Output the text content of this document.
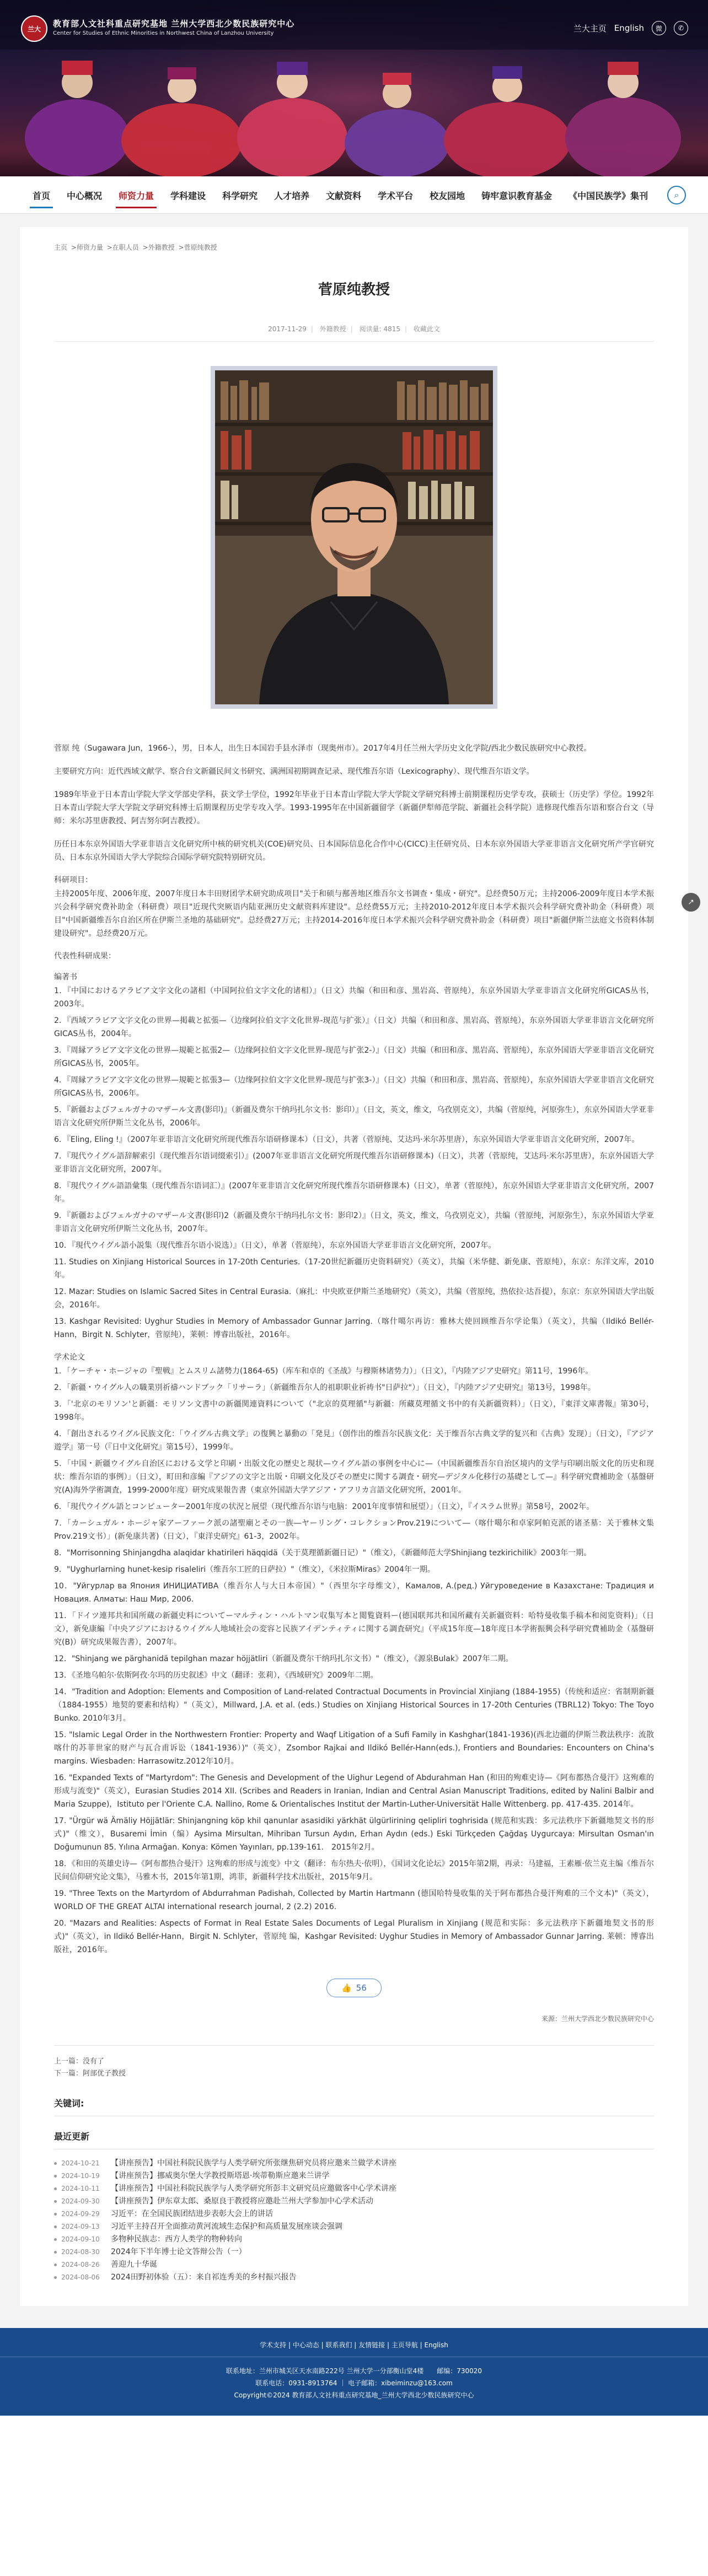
兰大
教育部人文社科重点研究基地 兰州大学西北少数民族研究中心
Center for Studies of Ethnic Minorities in Northwest China of Lanzhou University	兰大主页 English	微	✆
首页	中心概况	师资力量	学科建设	科学研究	人才培养	文献资料	学术平台	校友园地	铸牢意识教育基金	《中国民族学》集刊	⌕
主页 >师资力量 >在职人员 >外籍教授 >菅原纯教授
菅原纯教授
2017-11-29 | 外籍教授 | 阅读量: 4815 | 收藏此文

菅原 纯（Sugawara Jun，1966-），男，日本人，出生日本国岩手县水泽市（现奥州市）。2017年4月任兰州大学历史文化学院/西北少数民族研究中心教授。

主要研究方向：近代西域文献学、察合台文新疆民间文书研究、满洲国初期调查记录、现代维吾尔语（Lexicography）、现代维吾尔语文学。

1989年毕业于日本青山学院大学文学部史学科，获文学士学位，1992年毕业于日本青山学院大学大学院文学研究科博士前期课程历史学专攻，获硕士（历史学）学位。1992年日本青山学院大学大学院文学研究科博士后期课程历史学专攻入学。1993-1995年在中国新疆留学（新疆伊犁师范学院、新疆社会科学院）进修现代维吾尔语和察合台文（导师：米尔苏里唐教授、阿吉努尔阿吉教授）。

历任日本东京外国语大学亚非语言文化研究所中核的研究机关(COE)研究员、日本国际信息化合作中心(CICC)主任研究员、日本东京外国语大学亚非语言文化研究所产学官研究员、日本东京外国语大学大学院综合国际学研究院特别研究员。

科研项目：

主持2005年度、2006年度、2007年度日本丰田财团学术研究助成项目"关于和硕与鄯善地区维吾尔文书调查・集成・研究"。总经费50万元；主持2006-2009年度日本学术振兴会科学研究费补助金（科研费）项目"近现代突厥语内陆亚洲历史文献资料库建设"。总经费55万元；主持2010-2012年度日本学术振兴会科学研究费补助金（科研费）项目"中国新疆维吾尔自治区所在伊斯兰圣地的基础研究"。总经费27万元；主持2014-2016年度日本学术振兴会科学研究费补助金（科研费）项目"新疆伊斯兰法庭文书资料体制建设研究"。总经费20万元。

代表性科研成果：
编著书

1．『中国におけるアラビア文字文化の諸相（中国阿拉伯文字文化的诸相）』（日文）共编（和田和彦、黑岩高、菅原纯），东京外国语大学亚非语言文化研究所GICAS丛书，2003年。

2．『西域アラビア文字文化の世界—掲載と拡張—（边缘阿拉伯文字文化世界-现范与扩张）』（日文）共编（和田和彦、黑岩高、菅原纯），东京外国语大学亚非语言文化研究所GICAS丛书，2004年。

3．『周縁アラビア文字文化の世界—規範と拡張2—（边缘阿拉伯文字文化世界-现范与扩张2-）』（日文）共编（和田和彦、黑岩高、菅原纯），东京外国语大学亚非语言文化研究所GICAS丛书，2005年。

4．『周縁アラビア文字文化の世界—規範と拡張3—（边缘阿拉伯文字文化世界-现范与扩张3-）』（日文）共编（和田和彦、黑岩高、菅原纯），东京外国语大学亚非语言文化研究所GICAS丛书，2006年。

5．『新疆およびフェルガナのマザール文書(影印)』（新疆及费尔干纳玛扎尔文书：影印）』（日文，英文，维文，乌孜别克文），共编（菅原纯，河原弥生），东京外国语大学亚非语言文化研究所伊斯兰文化丛书，2006年。

6．『Eling, Eling !』（2007年亚非语言文化研究所现代维吾尔语研修课本）（日文），共著（菅原纯、艾达玛·米尔苏里唐），东京外国语大学亚非语言文化研究所，2007年。

7．『現代ウイグル語辞解索引（现代维吾尔语词缀索引）』(2007年亚非语言文化研究所现代维吾尔语研修课本)（日文），共著（菅原纯，艾达玛·米尔苏里唐），东京外国语大学亚非语言文化研究所，2007年。

8．『現代ウイグル語語彙集（现代维吾尔语词汇）』(2007年亚非语言文化研究所现代维吾尔语研修课本)（日文），单著（菅原纯），东京外国语大学亚非语言文化研究所，2007年。

9．『新疆およびフェルガナのマザール文書(影印)2（新疆及费尔干纳玛扎尔文书：影印2）』（日文，英文，维文，乌孜别克文），共编（菅原纯，河原弥生），东京外国语大学亚非语言文化研究所伊斯兰文化丛书，2007年。

10．『現代ウイグル語小説集（现代维吾尔语小说选）』（日文），单著（菅原纯），东京外国语大学亚非语言文化研究所，2007年。

11. Studies on Xinjiang Historical Sources in 17-20th Centuries.（17-20世纪新疆历史资料研究）（英文），共编（米华健、新免康、菅原纯），东京：东洋文库，2010年。

12. Mazar: Studies on Islamic Sacred Sites in Central Eurasia.（麻扎：中央欧亚伊斯兰圣地研究）（英文），共编（菅原纯，热依拉·达吾提），东京：东京外国语大学出版会，2016年。

13. Kashgar Revisited: Uyghur Studies in Memory of Ambassador Gunnar Jarring.（喀什噶尔再访：雅林大使回顾维吾尔学论集）（英文），共编（Ildikó Bellér-Hann，Birgit N. Schlyter，菅原纯），莱顿：博睿出版社，2016年。

学术论文

1．「ケーチャ・ホージャの『聖戦』とムスリム諸勢力(1864-65)（库车和卓的《圣战》与穆斯林诸势力）」（日文），『内陸アジア史研究』第11号，1996年。

2．「新疆・ウイグル人の職業別祈禱ハンドブック「リサーラ」（新疆维吾尔人的祖职职业祈祷书"日萨拉"）」（日文），『内陸アジア史研究』第13号，1998年。

3．「'北京のモリソン'と新疆：モリソン文書中の新疆関連資料について（"北京的莫理循"与新疆：所藏莫理循文书中的有关新疆资料）」（日文），『東洋文庫書報』第30号，1998年。

4．「創出されるウイグル民族文化：「ウイグル古典文学」の復興と暴動の「発見」（创作出的维吾尔民族文化：关于维吾尔古典文学的复兴和《古典》发现）」（日文），『アジア遊学』第一号（『日中文化研究』第15号），1999年。

5．「中国・新疆ウイグル自治区における文学と印刷・出版文化の歴史と現状—ウイグル語の事例を中心に—（中国新疆维吾尔自治区境内的文学与印刷出版文化的历史和现状：维吾尔语的事例）」（日文），町田和彦編『アジアの文字と出版・印刷文化及びその歴史に関する調査・研究—デジタル化移行の基礎として—』科学研究費補助金（基盤研究(A)海外学術調査，1999-2000年度）研究成果報告書（東京外国語大学アジア・アフリカ言語文化研究所，2001年。

6．「現代ウイグル語とコンピューター2001年度の状況と展望（现代维吾尔语与电脑：2001年度事情和展望）」（日文），『イスラム世界』第58号，2002年。

7．「カーシュガル・ホージャ家アーファーク派の諸聖廟とその一族―ヤーリング・コレクションProv.219について―（喀什噶尔和卓家阿帕克派的诸圣墓：关于雅林文集Prov.219文书）」(新免康共著)（日文），『東洋史研究』61-3，2002年。

8．"Morrisonning Shinjangdha alaqidar khatirileri häqqidä（关于莫理循新疆日记）"（维文），《新疆师范大学Shinjiang tezkirichilik》2003年一期。

9．"Uyghurlarning hunet-kesip risaleliri（维吾尔工匠的日萨拉）"（维文），《米拉斯Miras》2004年一期。

10．"Уйгурлар ва Япония ИНИЦИАТИВА（维吾尔人与大日本帝国）"（西里尔字母维文），Камалов, А.(ред.) Уйгуроведение в Казахстане: Традиция и Новация. Алматы: Наш Мир, 2006.

11．「ドイツ連邦共和国所蔵の新疆史料についてーマルティン・ハルトマン収集写本と閲覧資料ー(德国联邦共和国所藏有关新疆资料：哈特曼收集手稿本和阅览资料)」（日文），新免康編『中央アジアにおけるウイグル人地域社会の変容と民族アイデンティティに関する調査研究』（平成15年度—18年度日本学術振興会科学研究費補助金（基盤研究(B)）研究成果報告書），2007年。

12．"Shinjang we pärghanidä tepilghan mazar höjjätliri（新疆及费尔干纳玛扎尔文书）"（维文），《源泉Bulak》2007年二期。

13．《圣地乌帕尔·依斯阿孜·尔玛的历史叙述》中文（翻译：张莉），《西域研究》2009年二期。

14．"Tradition and Adoption: Elements and Composition of Land-related Contractual Documents in Provincial Xinjiang (1884-1955)（传统和适应：省制期新疆（1884-1955）地契的要素和结构）"（英文），Millward, J.A. et al. (eds.) Studies on Xinjiang Historical Sources in 17-20th Centuries (TBRL12) Tokyo: The Toyo Bunko. 2010年3月。

15. "Islamic Legal Order in the Northwestern Frontier: Property and Waqf Litigation of a Sufi Family in Kashghar(1841-1936)(西北边疆的伊斯兰教法秩序：流散喀什的苏菲世家的财产与瓦合甫诉讼（1841-1936）)"（英文），Zsombor Rajkai and Ildikó Bellér-Hann(eds.), Frontiers and Boundaries: Encounters on China's margins. Wiesbaden: Harrasowitz.2012年10月。

16. "Expanded Texts of "Martyrdom": The Genesis and Development of the Uighur Legend of Abdurahman Han (和田的殉难史诗—《阿布都热合曼汗》这殉难的形成与流变)"（英文），Eurasian Studies 2014 XII. (Scribes and Readers in Iranian, Indian and Central Asian Manuscript Traditions, edited by Nalini Balbir and Maria Szuppe)，Istituto per l'Oriente C.A. Nallino, Rome & Orientalisches Institut der Martin-Luther-Universität Halle Wittenberg. pp. 417-435. 2014年。

17. "Ürgür wä Ämäliy Höjjätlär: Shinjangning köp khil qanunlar asasidiki yärkhät ülgürlirining qelipliri toghrisida (规范和实践：多元法秩序下新疆地契文书的形式)"（维文），Busaremi İmin（编）Aysima Mirsultan, Mihriban Tursun Aydın, Erhan Aydın (eds.) Eski Türkçeden Çağdaş Uygurcaya: Mirsultan Osman'ın Doğumunun 85. Yılına Armağan. Konya: Kömen Yayınları, pp.139-161.　2015年2月。

18．《和田的英雄史诗—《阿布都热合曼汗》这殉难的形成与流变》中文（翻译：布尔热夫·依明），《国词文化论坛》2015年第2期，再录：马建福，王素雁·依兰克主编《维吾尔民间信仰研究论文集》，马雅木书，2015年第1期，鸿菲，新疆科学技术出版社，2015年9月。

19. "Three Texts on the Martyrdom of Abdurrahman Padishah, Collected by Martin Hartmann (德国哈特曼收集的关于阿布都热合曼汗殉难的三个文本)"（英文），WORLD OF THE GREAT ALTAI international research journal, 2 (2.2) 2016.

20. "Mazars and Realities: Aspects of Format in Real Estate Sales Documents of Legal Pluralism in Xinjiang (规范和实际：多元法秩序下新疆地契文书的形式)"（英文），in Ildikó Bellér-Hann，Birgit N. Schlyter，菅原纯 编，Kashgar Revisited: Uyghur Studies in Memory of Ambassador Gunnar Jarring. 莱顿：博睿出版社，2016年。

👍 56
来源：兰州大学西北少数民族研究中心
上一篇：没有了
下一篇：阿部优子教授
关键词:
最近更新
2024-10-21	【讲座预告】中国社科院民族学与人类学研究所张继焦研究员将应邀来兰做学术讲座
2024-10-19	【讲座预告】挪威奥尔堡大学教授斯塔恩·埃蒂勒斯应邀来兰讲学
2024-10-11	【讲座预告】中国社科院民族学与人类学研究所彭丰文研究员应邀做客中心学术讲座
2024-09-30	【讲座预告】伊东章太郎、桑原良于教授将应邀赴兰州大学参加中心学术活动
2024-09-29	习近平：在全国民族团结进步表彰大会上的讲话
2024-09-13	习近平主持召开全面推动黄河流域生态保护和高质量发展座谈会强调
2024-09-10	多物种民族志：西方人类学的物种转向
2024-08-30	2024年下半年博士论文答辩公告（一）
2024-08-26	善迎九十华诞
2024-08-06	2024田野初体验（五）：来自祁连秀美的乡村振兴报告
学术支持 | 中心动态 | 联系我们 | 友情链接 | 主页导航 | English
联系地址：兰州市城关区天水南路222号 兰州大学一分部衡山堂4楼　　邮编：730020
联系电话：0931-8913764 ｜ 电子邮箱：xibeiminzu@163.com
Copyright©2024 教育部人文社科重点研究基地_兰州大学西北少数民族研究中心
↗
